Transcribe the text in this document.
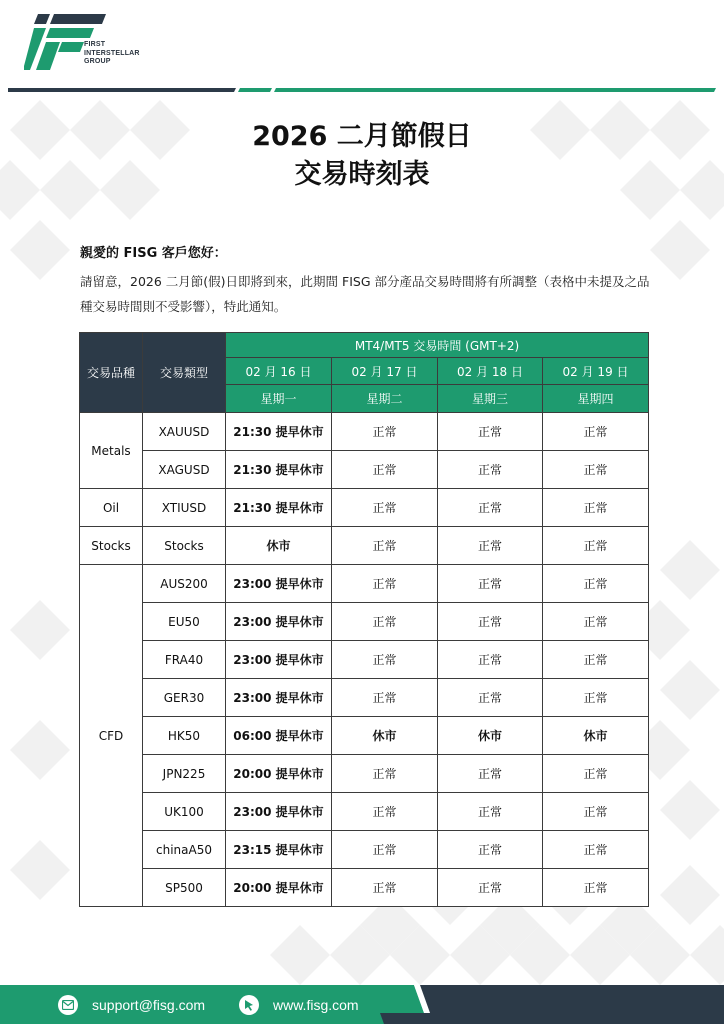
FIRST
INTERSTELLAR
GROUP
2026 二月節假日
交易時刻表
親愛的 FISG 客戶您好：
請留意，2026 二月節(假)日即將到來，此期間 FISG 部分產品交易時間將有所調整（表格中未提及之品種交易時間則不受影響），特此通知。
交易品種	交易類型	MT4/MT5 交易時間 (GMT+2)			
		02 月 16 日	02 月 17 日	02 月 18 日	02 月 19 日
		星期一	星期二	星期三	星期四
Metals	XAUUSD	21:30 提早休市	正常	正常	正常
	XAGUSD	21:30 提早休市	正常	正常	正常
Oil	XTIUSD	21:30 提早休市	正常	正常	正常
Stocks	Stocks	休市	正常	正常	正常
CFD	AUS200	23:00 提早休市	正常	正常	正常
	EU50	23:00 提早休市	正常	正常	正常
	FRA40	23:00 提早休市	正常	正常	正常
	GER30	23:00 提早休市	正常	正常	正常
	HK50	06:00 提早休市	休市	休市	休市
	JPN225	20:00 提早休市	正常	正常	正常
	UK100	23:00 提早休市	正常	正常	正常
	chinaA50	23:15 提早休市	正常	正常	正常
	SP500	20:00 提早休市	正常	正常	正常
support@fisg.com	www.fisg.com
